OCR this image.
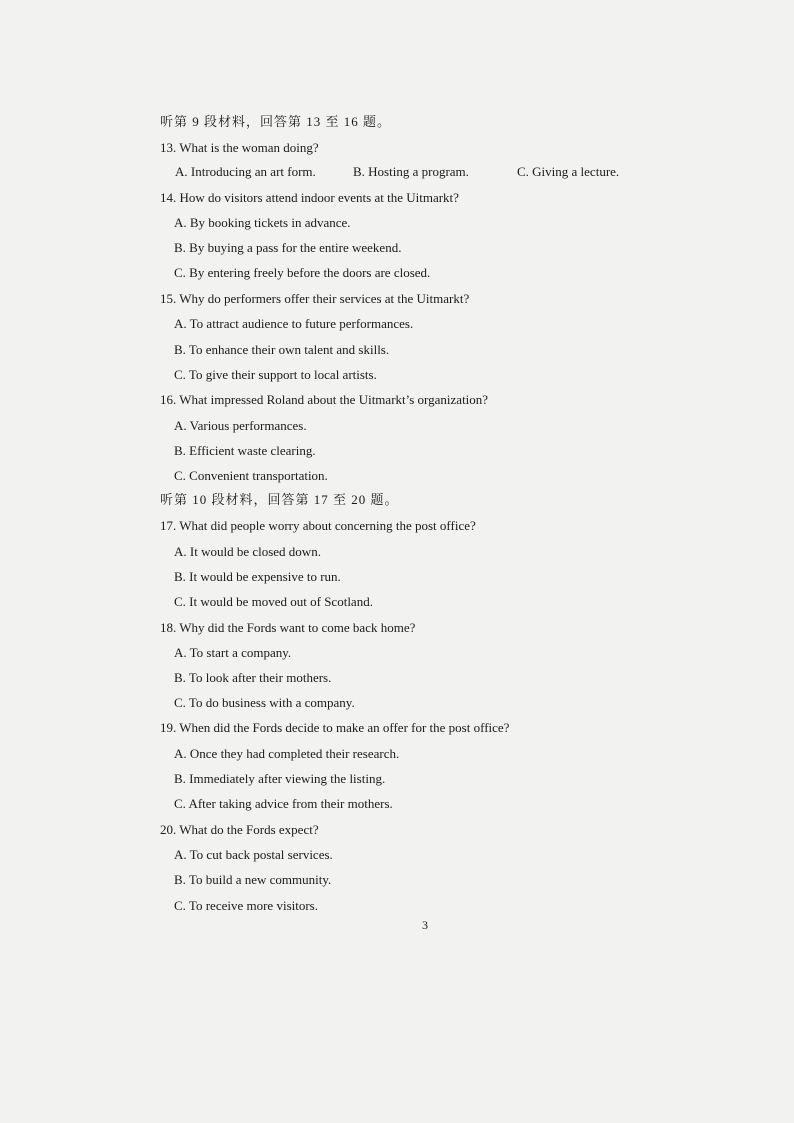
听第 9 段材料，回答第 13 至 16 题。
13. What is the woman doing?
A. Introducing an art form.	B. Hosting a program.	C. Giving a lecture.
14. How do visitors attend indoor events at the Uitmarkt?
A. By booking tickets in advance.
B. By buying a pass for the entire weekend.
C. By entering freely before the doors are closed.
15. Why do performers offer their services at the Uitmarkt?
A. To attract audience to future performances.
B. To enhance their own talent and skills.
C. To give their support to local artists.
16. What impressed Roland about the Uitmarkt’s organization?
A. Various performances.
B. Efficient waste clearing.
C. Convenient transportation.
听第 10 段材料，回答第 17 至 20 题。
17. What did people worry about concerning the post office?
A. It would be closed down.
B. It would be expensive to run.
C. It would be moved out of Scotland.
18. Why did the Fords want to come back home?
A. To start a company.
B. To look after their mothers.
C. To do business with a company.
19. When did the Fords decide to make an offer for the post office?
A. Once they had completed their research.
B. Immediately after viewing the listing.
C. After taking advice from their mothers.
20. What do the Fords expect?
A. To cut back postal services.
B. To build a new community.
C. To receive more visitors.
3
